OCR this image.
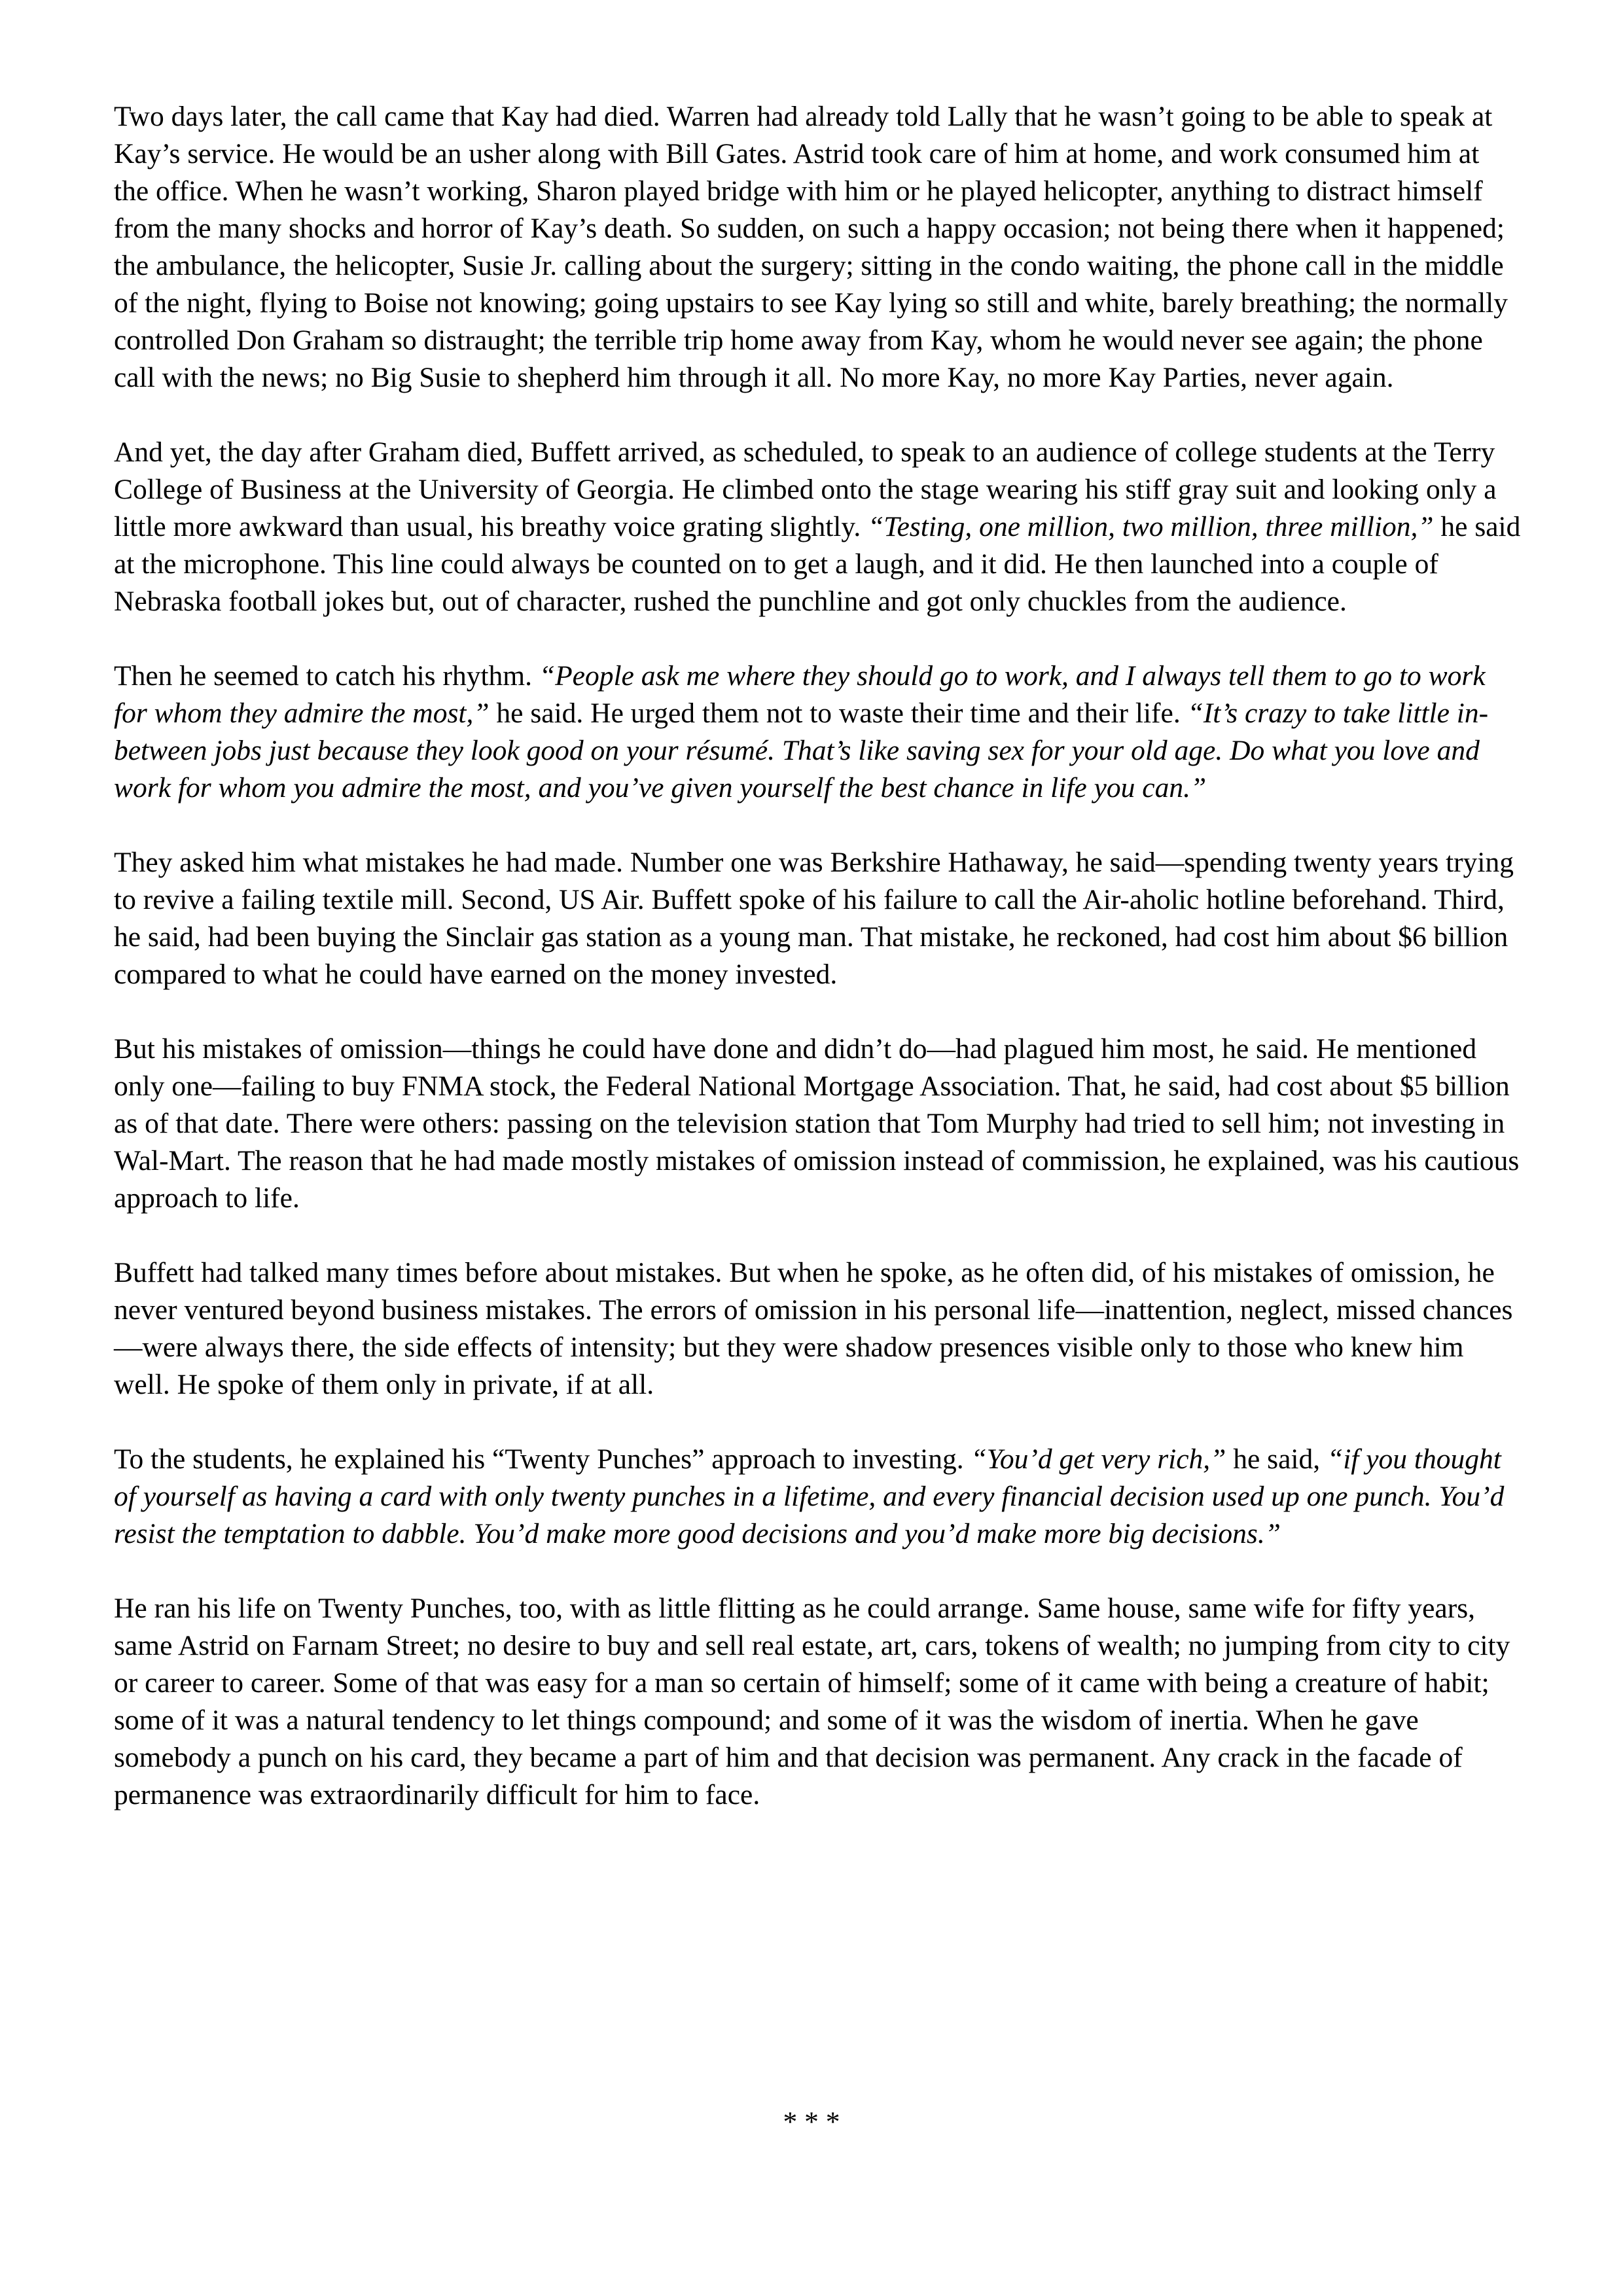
Two days later, the call came that Kay had died. Warren had already told Lally that he wasn’t going to be able to speak at Kay’s service. He would be an usher along with Bill Gates. Astrid took care of him at home, and work consumed him at the office. When he wasn’t working, Sharon played bridge with him or he played helicopter, anything to distract himself from the many shocks and horror of Kay’s death. So sudden, on such a happy occasion; not being there when it happened; the ambulance, the helicopter, Susie Jr. calling about the surgery; sitting in the condo waiting, the phone call in the middle of the night, flying to Boise not knowing; going upstairs to see Kay lying so still and white, barely breathing; the normally controlled Don Graham so distraught; the terrible trip home away from Kay, whom he would never see again; the phone call with the news; no Big Susie to shepherd him through it all. No more Kay, no more Kay Parties, never again.

And yet, the day after Graham died, Buffett arrived, as scheduled, to speak to an audience of college students at the Terry College of Business at the University of Georgia. He climbed onto the stage wearing his stiff gray suit and looking only a little more awkward than usual, his breathy voice grating slightly. “Testing, one million, two million, three million,” he said at the microphone. This line could always be counted on to get a laugh, and it did. He then launched into a couple of Nebraska football jokes but, out of character, rushed the punchline and got only chuckles from the audience.

Then he seemed to catch his rhythm. “People ask me where they should go to work, and I always tell them to go to work for whom they admire the most,” he said. He urged them not to waste their time and their life. “It’s crazy to take little in-between jobs just because they look good on your résumé. That’s like saving sex for your old age. Do what you love and work for whom you admire the most, and you’ve given yourself the best chance in life you can.”

They asked him what mistakes he had made. Number one was Berkshire Hathaway, he said—spending twenty years trying to revive a failing textile mill. Second, US Air. Buffett spoke of his failure to call the Air-aholic hotline beforehand. Third, he said, had been buying the Sinclair gas station as a young man. That mistake, he reckoned, had cost him about $6 billion compared to what he could have earned on the money invested.

But his mistakes of omission—things he could have done and didn’t do—had plagued him most, he said. He mentioned only one—failing to buy FNMA stock, the Federal National Mortgage Association. That, he said, had cost about $5 billion as of that date. There were others: passing on the television station that Tom Murphy had tried to sell him; not investing in Wal-Mart. The reason that he had made mostly mistakes of omission instead of commission, he explained, was his cautious approach to life.

Buffett had talked many times before about mistakes. But when he spoke, as he often did, of his mistakes of omission, he never ventured beyond business mistakes. The errors of omission in his personal life—inattention, neglect, missed chances—were always there, the side effects of intensity; but they were shadow presences visible only to those who knew him well. He spoke of them only in private, if at all.

To the students, he explained his “Twenty Punches” approach to investing. “You’d get very rich,” he said, “if you thought of yourself as having a card with only twenty punches in a lifetime, and every financial decision used up one punch. You’d resist the temptation to dabble. You’d make more good decisions and you’d make more big decisions.”

He ran his life on Twenty Punches, too, with as little flitting as he could arrange. Same house, same wife for fifty years, same Astrid on Farnam Street; no desire to buy and sell real estate, art, cars, tokens of wealth; no jumping from city to city or career to career. Some of that was easy for a man so certain of himself; some of it came with being a creature of habit; some of it was a natural tendency to let things compound; and some of it was the wisdom of inertia. When he gave somebody a punch on his card, they became a part of him and that decision was permanent. Any crack in the facade of permanence was extraordinarily difficult for him to face.

* * *
